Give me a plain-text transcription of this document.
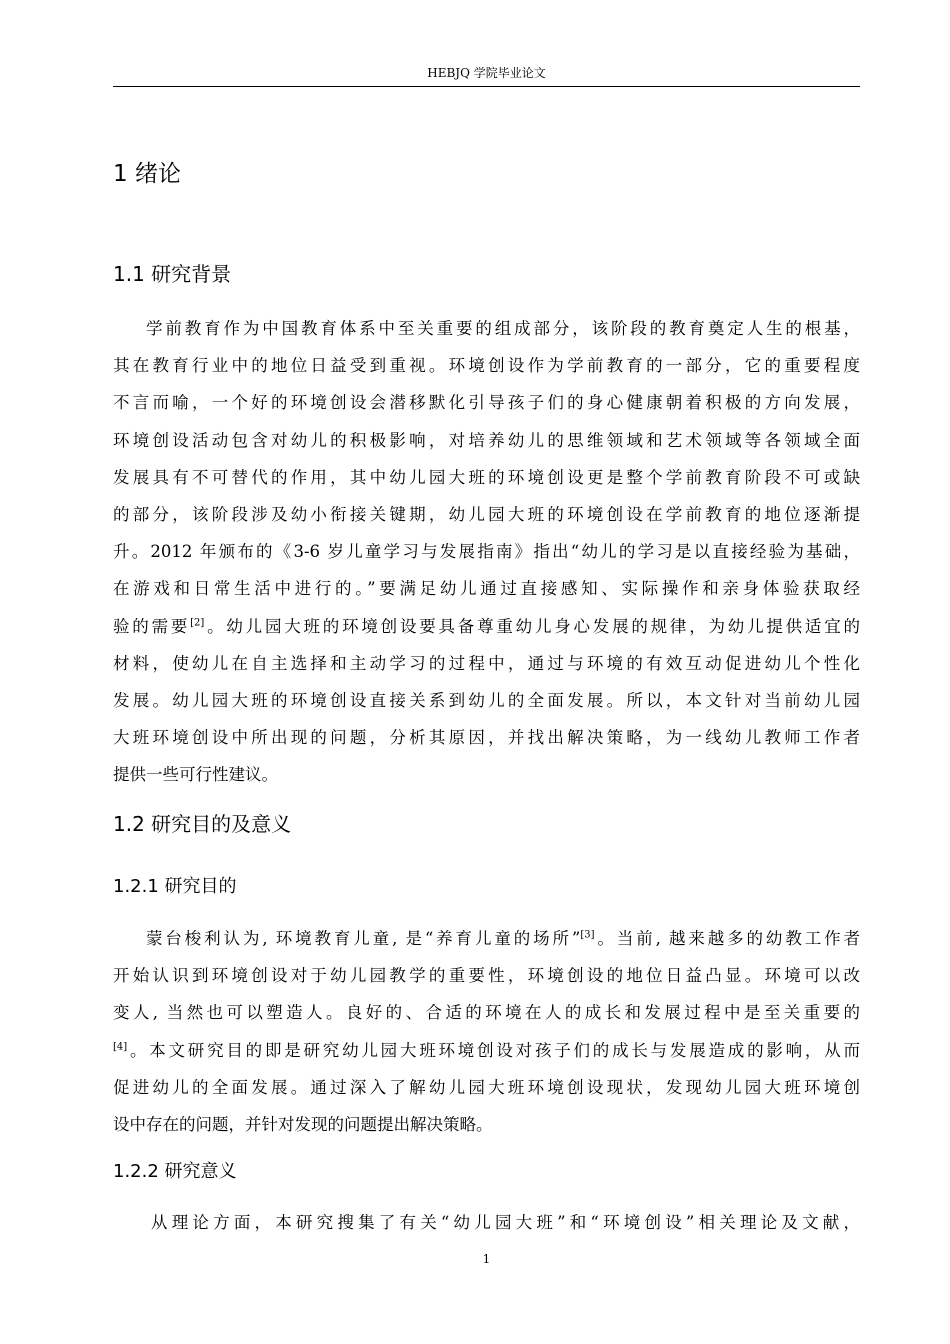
HEBJQ 学院毕业论文
1 绪论
1.1 研究背景
学前教育作为中国教育体系中至关重要的组成部分，该阶段的教育奠定人生的根基，
其在教育行业中的地位日益受到重视。环境创设作为学前教育的一部分，它的重要程度
不言而喻，一个好的环境创设会潜移默化引导孩子们的身心健康朝着积极的方向发展，
环境创设活动包含对幼儿的积极影响，对培养幼儿的思维领域和艺术领域等各领域全面
发展具有不可替代的作用，其中幼儿园大班的环境创设更是整个学前教育阶段不可或缺
的部分，该阶段涉及幼小衔接关键期，幼儿园大班的环境创设在学前教育的地位逐渐提
升。2012 年颁布的《3-6 岁儿童学习与发展指南》指出“幼儿的学习是以直接经验为基础，
在游戏和日常生活中进行的。”要满足幼儿通过直接感知、实际操作和亲身体验获取经
验的需要[2]。幼儿园大班的环境创设要具备尊重幼儿身心发展的规律，为幼儿提供适宜的
材料，使幼儿在自主选择和主动学习的过程中，通过与环境的有效互动促进幼儿个性化
发展。幼儿园大班的环境创设直接关系到幼儿的全面发展。所以，本文针对当前幼儿园
大班环境创设中所出现的问题，分析其原因，并找出解决策略，为一线幼儿教师工作者
提供一些可行性建议。
1.2 研究目的及意义
1.2.1 研究目的
蒙台梭利认为, 环境教育儿童, 是“养育儿童的场所”[3]。当前, 越来越多的幼教工作者
开始认识到环境创设对于幼儿园教学的重要性，环境创设的地位日益凸显。环境可以改
变人, 当然也可以塑造人。良好的、合适的环境在人的成长和发展过程中是至关重要的
[4]。本文研究目的即是研究幼儿园大班环境创设对孩子们的成长与发展造成的影响，从而
促进幼儿的全面发展。通过深入了解幼儿园大班环境创设现状，发现幼儿园大班环境创
设中存在的问题，并针对发现的问题提出解决策略。
1.2.2 研究意义
从理论方面，本研究搜集了有关“幼儿园大班”和“环境创设”相关理论及文献，
1
